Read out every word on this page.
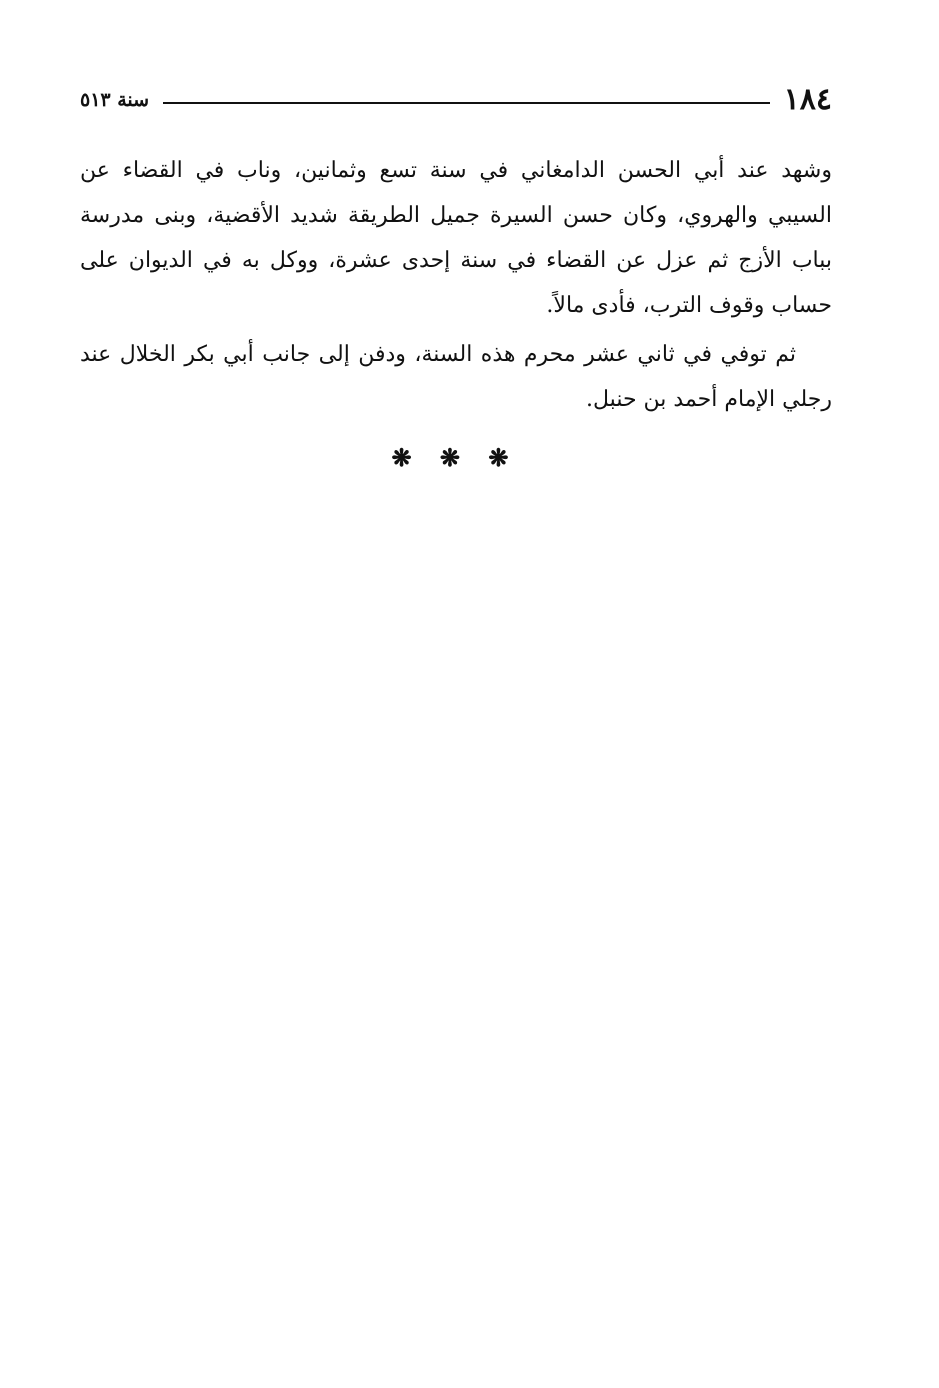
١٨٤
سنة ٥١٣

وشهد عند أبي الحسن الدامغاني في سنة تسع وثمانين، وناب في القضاء عن السيبي والهروي، وكان حسن السيرة جميل الطريقة شديد الأقضية، وبنى مدرسة بباب الأزج ثم عزل عن القضاء في سنة إحدى عشرة، ووكل به في الديوان على حساب وقوف الترب، فأدى مالاً.

ثم توفي في ثاني عشر محرم هذه السنة، ودفن إلى جانب أبي بكر الخلال عند رجلي الإمام أحمد بن حنبل.

❋ ❋ ❋
